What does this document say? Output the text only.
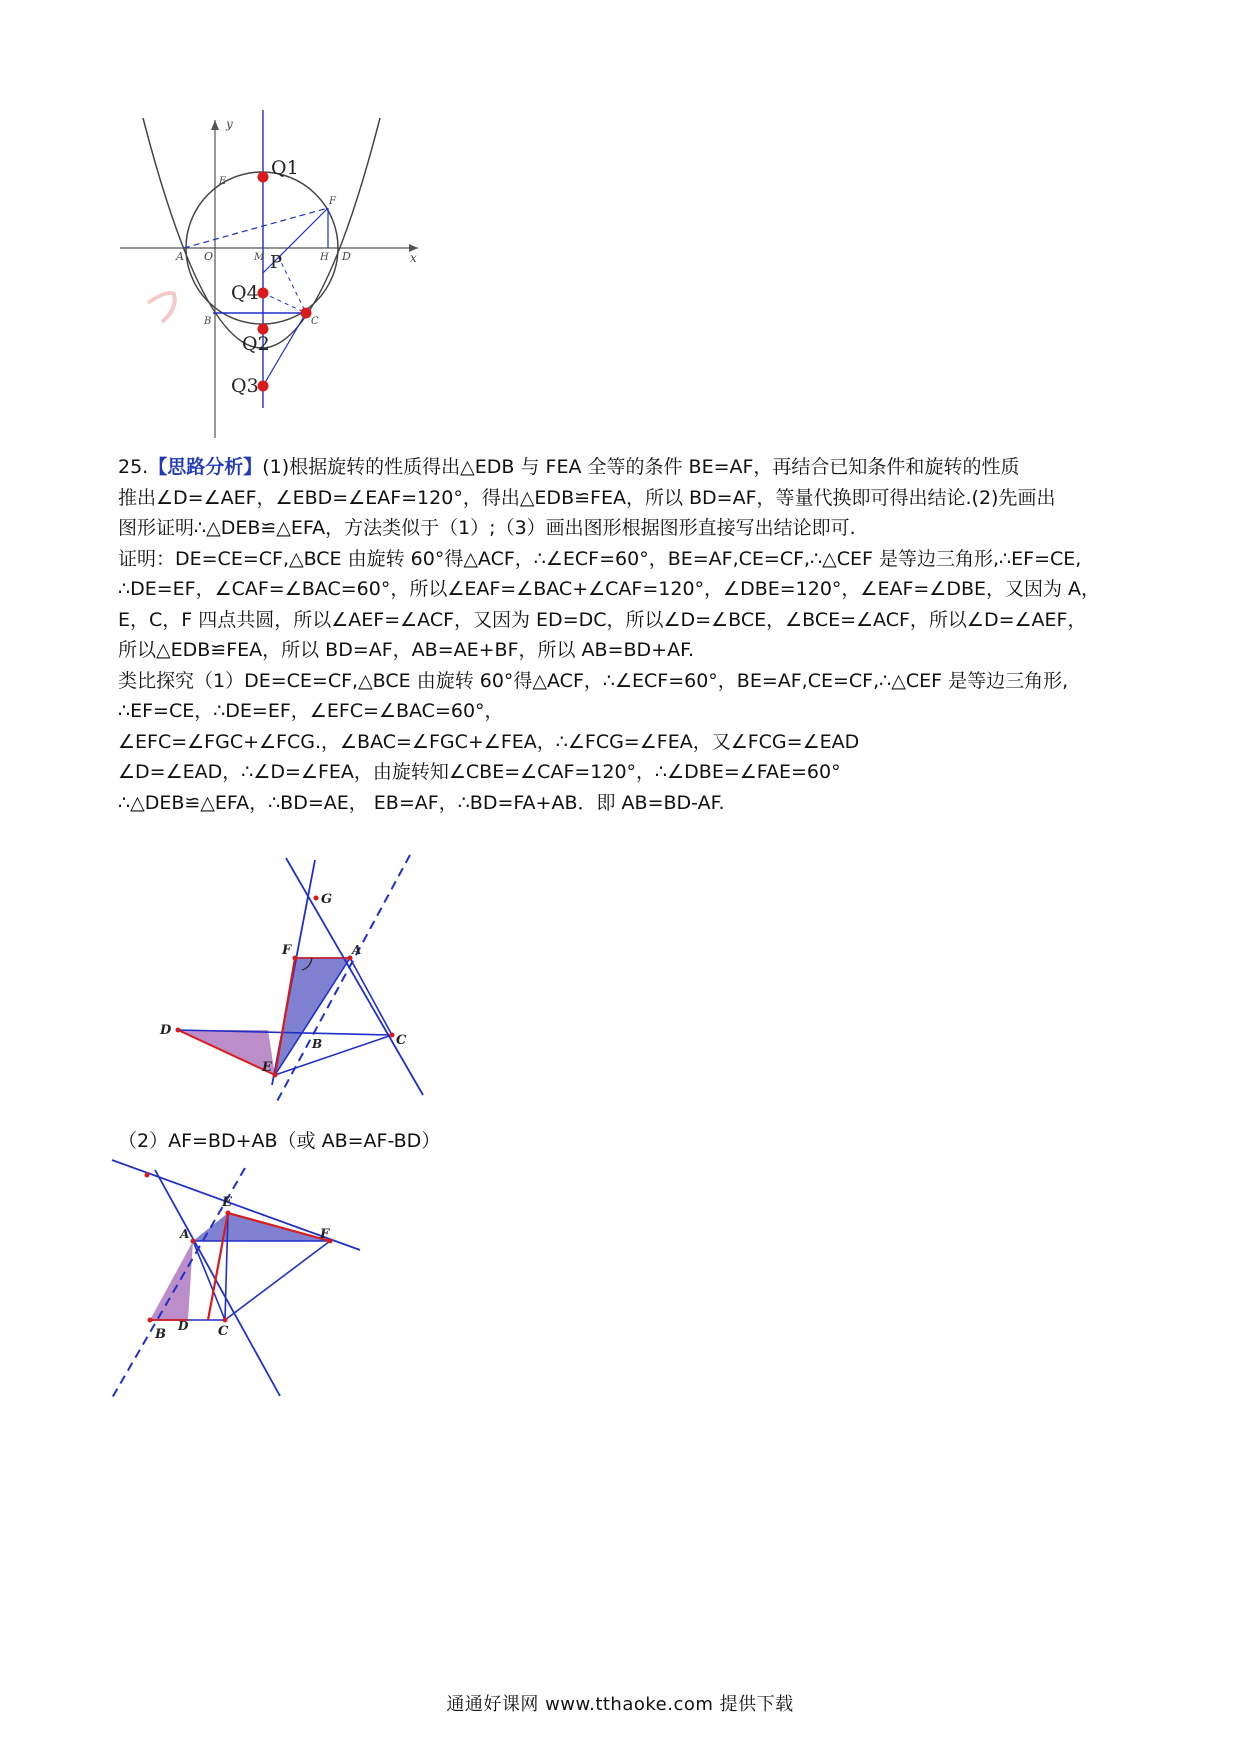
y
x
E
F
A O	M	H D
B	C
P
Q1
Q4
Q2
Q3

25.【思路分析】(1)根据旋转的性质得出△EDB 与 FEA 全等的条件 BE=AF，再结合已知条件和旋转的性质

推出∠D=∠AEF，∠EBD=∠EAF=120°，得出△EDB≌FEA，所以 BD=AF，等量代换即可得出结论.(2)先画出

图形证明∴△DEB≌△EFA，方法类似于（1）;（3）画出图形根据图形直接写出结论即可.

证明：DE=CE=CF,△BCE 由旋转 60°得△ACF，∴∠ECF=60°，BE=AF,CE=CF,∴△CEF 是等边三角形,∴EF=CE,

∴DE=EF，∠CAF=∠BAC=60°，所以∠EAF=∠BAC+∠CAF=120°，∠DBE=120°，∠EAF=∠DBE，又因为 A，

E，C，F 四点共圆，所以∠AEF=∠ACF，又因为 ED=DC，所以∠D=∠BCE，∠BCE=∠ACF，所以∠D=∠AEF，

所以△EDB≌FEA，所以 BD=AF，AB=AE+BF，所以 AB=BD+AF.

类比探究（1）DE=CE=CF,△BCE 由旋转 60°得△ACF，∴∠ECF=60°，BE=AF,CE=CF,∴△CEF 是等边三角形,

∴EF=CE，∴DE=EF，∠EFC=∠BAC=60°，

∠EFC=∠FGC+∠FCG.，∠BAC=∠FGC+∠FEA，∴∠FCG=∠FEA，又∠FCG=∠EAD

∠D=∠EAD，∴∠D=∠FEA，由旋转知∠CBE=∠CAF=120°，∴∠DBE=∠FAE=60°

∴△DEB≌△EFA，∴BD=AE， EB=AF，∴BD=FA+AB．即 AB=BD-AF.

G
F	A
D
C
B
E
（2）AF=BD+AB（或 AB=AF-BD）
E
A	F
B
D C
通通好课网 www.tthaoke.com 提供下载
